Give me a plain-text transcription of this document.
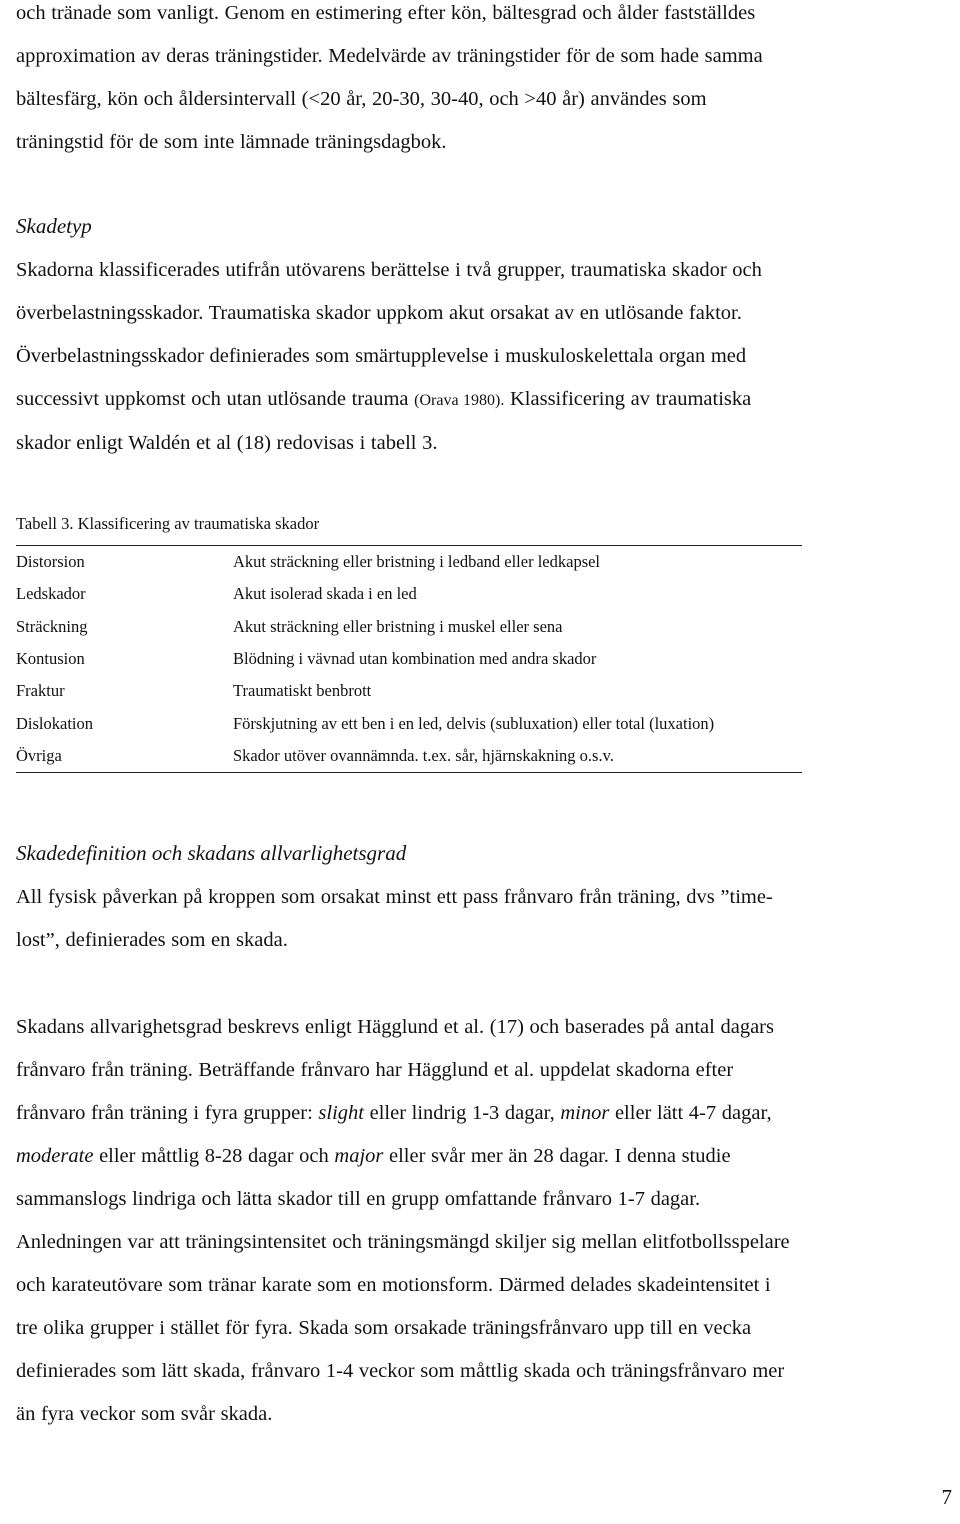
och tränade som vanligt. Genom en estimering efter kön, bältesgrad och ålder fastställdes
approximation av deras träningstider. Medelvärde av träningstider för de som hade samma
bältesfärg, kön och åldersintervall (<20 år, 20-30, 30-40, och >40 år) användes som
träningstid för de som inte lämnade träningsdagbok.
Skadetyp
Skadorna klassificerades utifrån utövarens berättelse i två grupper, traumatiska skador och
överbelastningsskador. Traumatiska skador uppkom akut orsakat av en utlösande faktor.
Överbelastningsskador definierades som smärtupplevelse i muskuloskelettala organ med
successivt uppkomst och utan utlösande trauma (Orava 1980). Klassificering av traumatiska
skador enligt Waldén et al (18) redovisas i tabell 3.
Tabell 3. Klassificering av traumatiska skador
Distorsion	Akut sträckning eller bristning i ledband eller ledkapsel
Ledskador	Akut isolerad skada i en led
Sträckning	Akut sträckning eller bristning i muskel eller sena
Kontusion	Blödning i vävnad utan kombination med andra skador
Fraktur	Traumatiskt benbrott
Dislokation	Förskjutning av ett ben i en led, delvis (subluxation) eller total (luxation)
Övriga	Skador utöver ovannämnda. t.ex. sår, hjärnskakning o.s.v.
Skadedefinition och skadans allvarlighetsgrad
All fysisk påverkan på kroppen som orsakat minst ett pass frånvaro från träning, dvs ”time-
lost”, definierades som en skada.
Skadans allvarighetsgrad beskrevs enligt Hägglund et al. (17) och baserades på antal dagars
frånvaro från träning. Beträffande frånvaro har Hägglund et al. uppdelat skadorna efter
frånvaro från träning i fyra grupper: slight eller lindrig 1-3 dagar, minor eller lätt 4-7 dagar,
moderate eller måttlig 8-28 dagar och major eller svår mer än 28 dagar. I denna studie
sammanslogs lindriga och lätta skador till en grupp omfattande frånvaro 1-7 dagar.
Anledningen var att träningsintensitet och träningsmängd skiljer sig mellan elitfotbollsspelare
och karateutövare som tränar karate som en motionsform. Därmed delades skadeintensitet i
tre olika grupper i stället för fyra. Skada som orsakade träningsfrånvaro upp till en vecka
definierades som lätt skada, frånvaro 1-4 veckor som måttlig skada och träningsfrånvaro mer
än fyra veckor som svår skada.
7
